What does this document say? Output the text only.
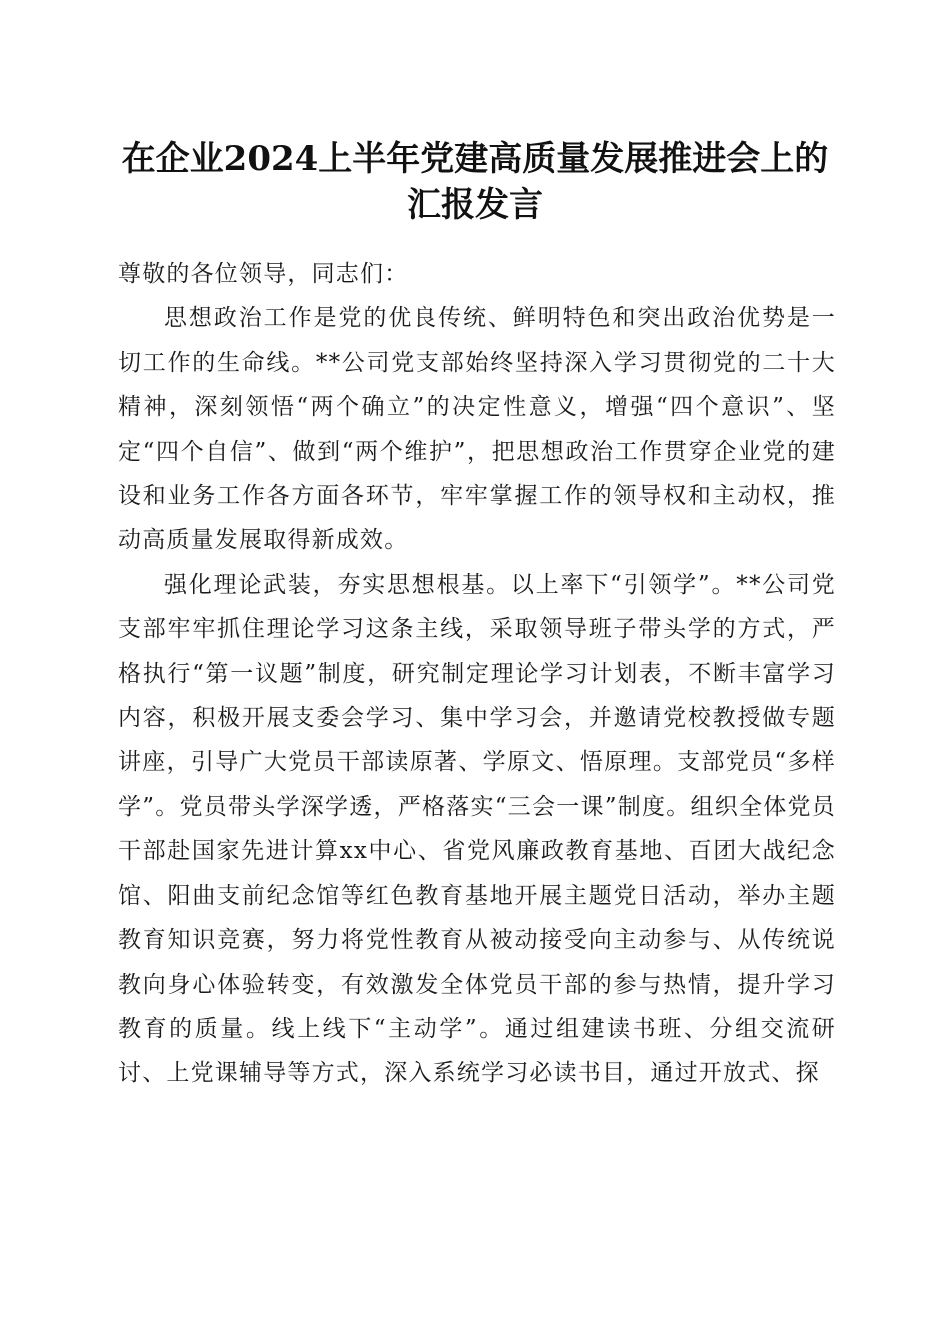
在企业2024上半年党建高质量发展推进会上的汇报发言

尊敬的各位领导，同志们：

思想政治工作是党的优良传统、鲜明特色和突出政治优势是一切工作的生命线。**公司党支部始终坚持深入学习贯彻党的二十大精神，深刻领悟“两个确立”的决定性意义，增强“四个意识”、坚定“四个自信”、做到“两个维护”，把思想政治工作贯穿企业党的建设和业务工作各方面各环节，牢牢掌握工作的领导权和主动权，推动高质量发展取得新成效。

强化理论武装，夯实思想根基。以上率下“引领学”。**公司党支部牢牢抓住理论学习这条主线，采取领导班子带头学的方式，严格执行“第一议题”制度，研究制定理论学习计划表，不断丰富学习内容，积极开展支委会学习、集中学习会，并邀请党校教授做专题讲座，引导广大党员干部读原著、学原文、悟原理。支部党员“多样学”。党员带头学深学透，严格落实“三会一课”制度。组织全体党员干部赴国家先进计算xx中心、省党风廉政教育基地、百团大战纪念馆、阳曲支前纪念馆等红色教育基地开展主题党日活动，举办主题教育知识竞赛，努力将党性教育从被动接受向主动参与、从传统说教向身心体验转变，有效激发全体党员干部的参与热情，提升学习教育的质量。线上线下“主动学”。通过组建读书班、分组交流研讨、上党课辅导等方式，深入系统学习必读书目，通过开放式、探
